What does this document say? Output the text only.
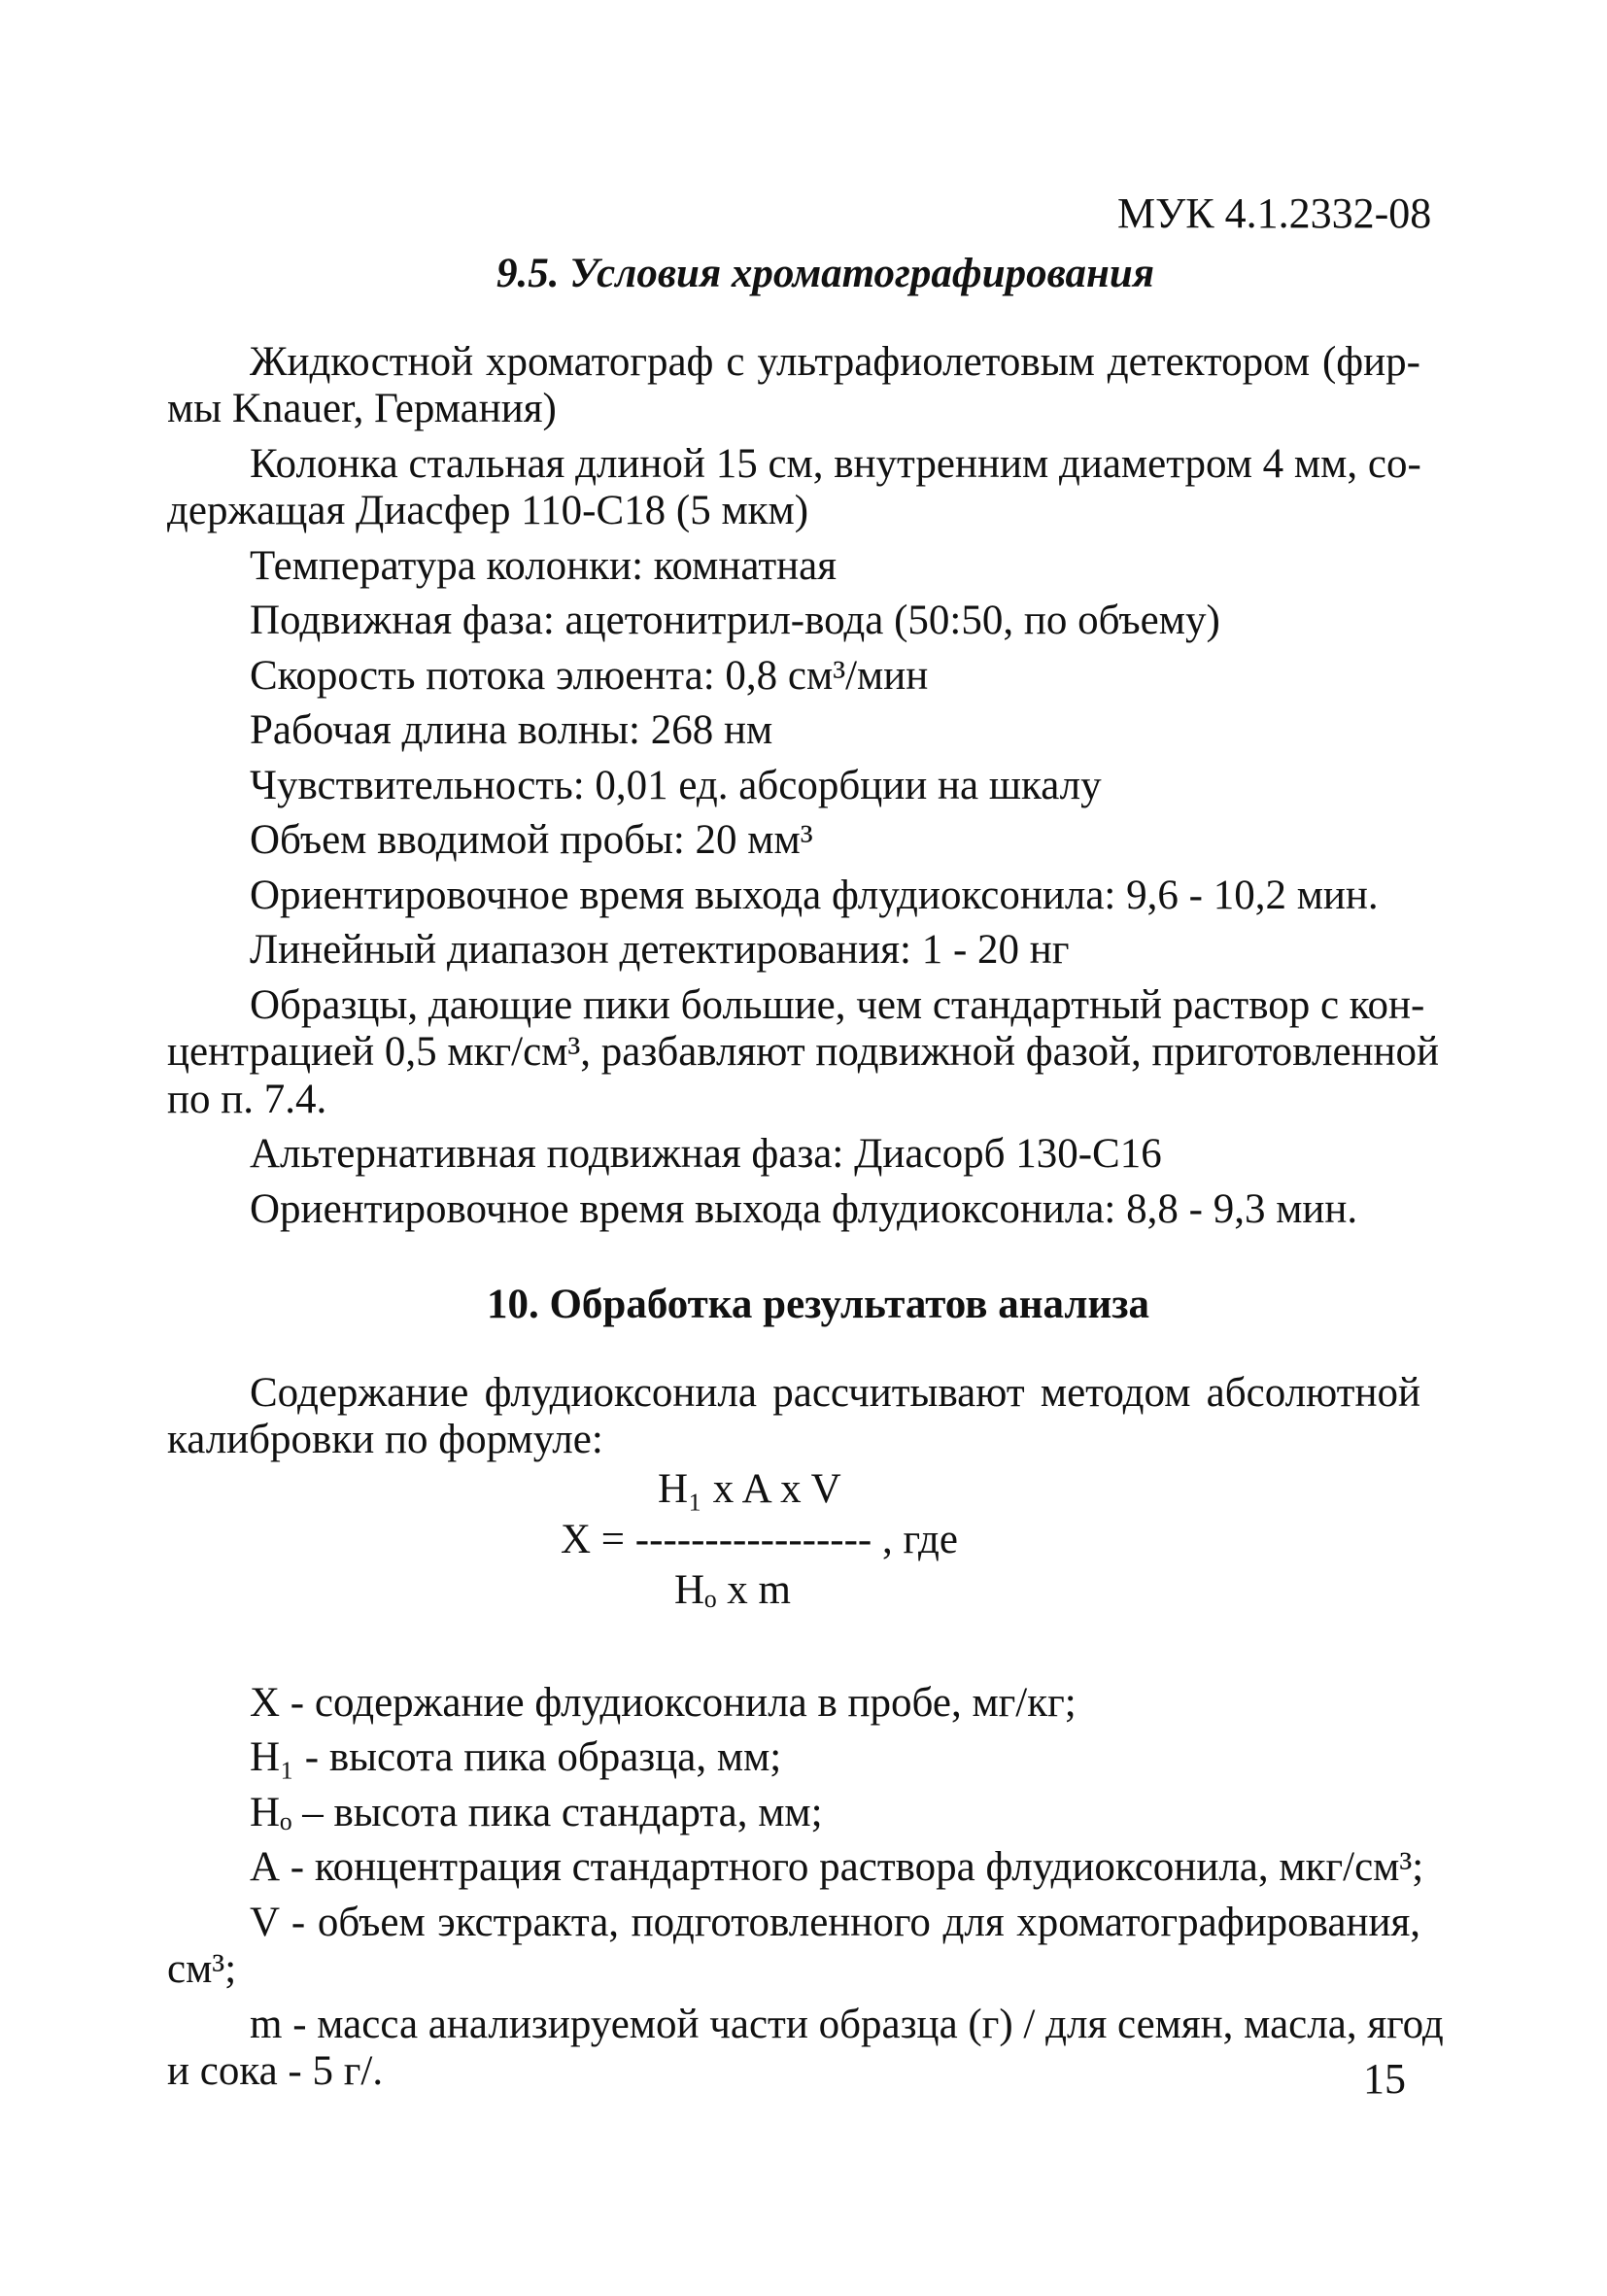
МУК 4.1.2332-08
9.5. Условия хроматографирования
Жидкостной хроматограф с ультрафиолетовым детектором (фир-
мы Knauer, Германия)
Колонка стальная длиной 15 см, внутренним диаметром 4 мм, со-
держащая Диасфер 110-С18 (5 мкм)
Температура колонки: комнатная
Подвижная фаза: ацетонитрил-вода (50:50, по объему)
Скорость потока элюента: 0,8 см³/мин
Рабочая длина волны: 268 нм
Чувствительность: 0,01 ед. абсорбции на шкалу
Объем вводимой пробы: 20 мм³
Ориентировочное время выхода флудиоксонила: 9,6 - 10,2 мин.
Линейный диапазон детектирования: 1 - 20 нг
Образцы, дающие пики большие, чем стандартный раствор с кон-
центрацией 0,5 мкг/см³, разбавляют подвижной фазой, приготовленной
по п. 7.4.
Альтернативная подвижная фаза: Диасорб 130-С16
Ориентировочное время выхода флудиоксонила: 8,8 - 9,3 мин.
10. Обработка результатов анализа
Содержание флудиоксонила рассчитывают методом абсолютной
калибровки по формуле:
H₁ x A x V
X = ----------------- , где
Hₒ x m
X - содержание флудиоксонила в пробе, мг/кг;
H₁ - высота пика образца, мм;
Hₒ – высота пика стандарта, мм;
А - концентрация стандартного раствора флудиоксонила, мкг/см³;
V - объем экстракта, подготовленного для хроматографирования,
см³;
m - масса анализируемой части образца (г) / для семян, масла, ягод
и сока - 5 г/.	15
